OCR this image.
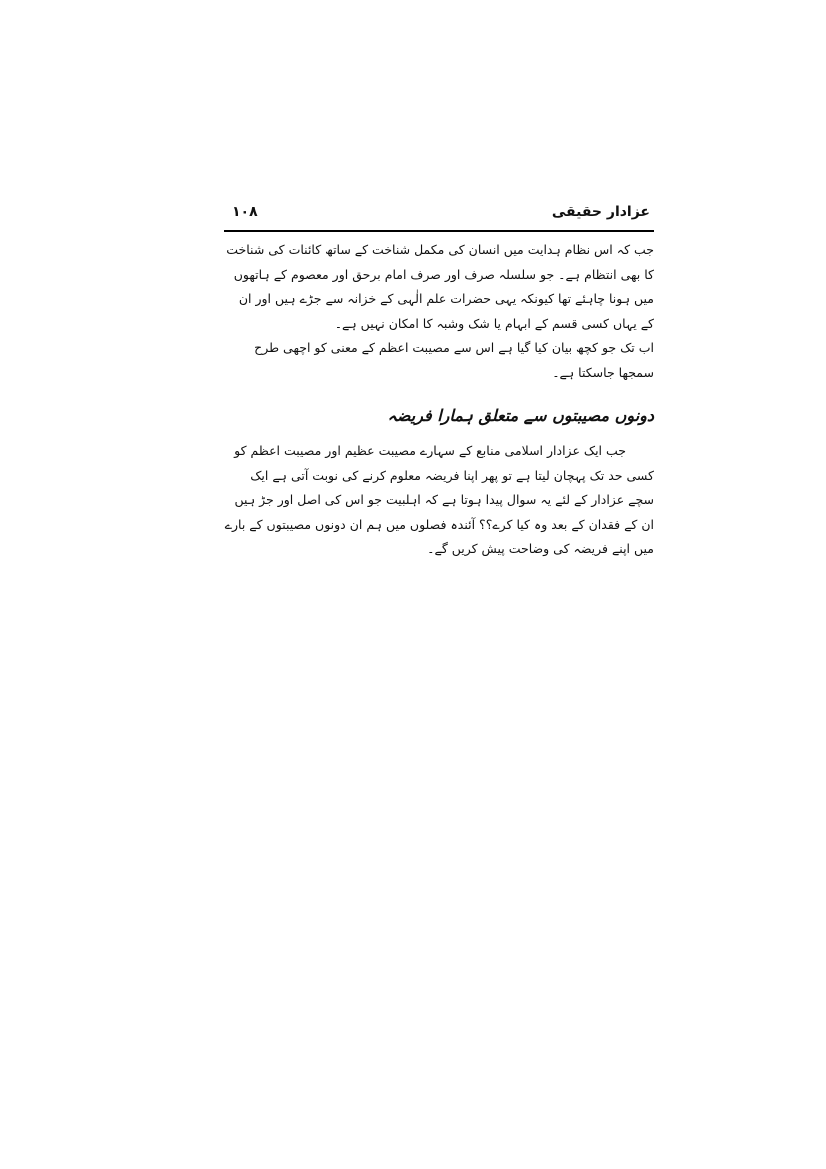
عزادار حقیقی
۱۰۸

جب کہ اس نظام ہدایت میں انسان کی مکمل شناخت کے ساتھ کائنات کی شناخت کا بھی انتظام ہے۔ جو سلسلہ صرف اور صرف امام برحق اور معصوم کے ہاتھوں میں ہونا چاہئے تھا کیونکہ یہی حضرات علم الٰہی کے خزانہ سے جڑے ہیں اور ان کے یہاں کسی قسم کے ابہام یا شک وشبہ کا امکان نہیں ہے۔

اب تک جو کچھ بیان کیا گیا ہے اس سے مصیبت اعظم کے معنی کو اچھی طرح سمجھا جاسکتا ہے۔

دونوں مصیبتوں سے متعلق ہمارا فریضہ

جب ایک عزادار اسلامی منابع کے سہارے مصیبت عظیم اور مصیبت اعظم کو کسی حد تک پہچان لیتا ہے تو پھر اپنا فریضہ معلوم کرنے کی نوبت آتی ہے ایک سچے عزادار کے لئے یہ سوال پیدا ہوتا ہے کہ اہلبیت جو اس کی اصل اور جڑ ہیں ان کے فقدان کے بعد وہ کیا کرے؟؟ آئندہ فصلوں میں ہم ان دونوں مصیبتوں کے بارے میں اپنے فریضہ کی وضاحت پیش کریں گے۔
